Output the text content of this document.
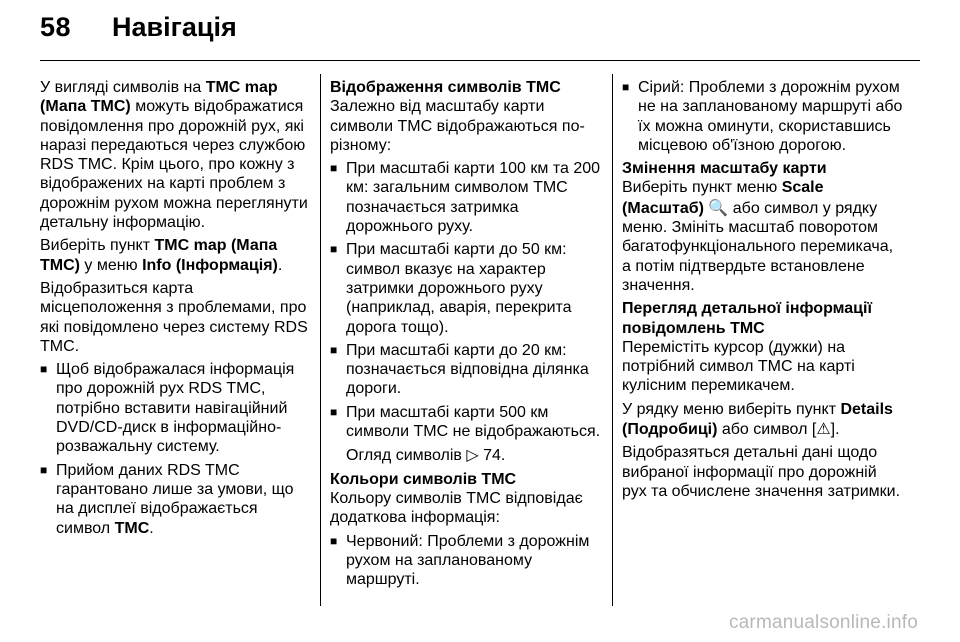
58 Навігація

У вигляді символів на TMC map (Мапа TMC) можуть відображатися повідомлення про дорожній рух, які наразі передаються через службою RDS TMC. Крім цього, про кожну з відображених на карті проблем з дорожнім рухом можна переглянути детальну інформацію.

Виберіть пункт TMC map (Мапа TMC) у меню Info (Інформація).

Відобразиться карта місцеположення з проблемами, про які повідомлено через систему RDS TMC.

■ Щоб відображалася інформація про дорожній рух RDS TMC, потрібно вставити навігаційний DVD/CD-диск в інформаційно-розважальну систему.
■ Прийом даних RDS TMC гарантовано лише за умови, що на дисплеї відображається символ TMC.

Відображення символів TMC

Залежно від масштабу карти символи TMC відображаються по-різному:

■ При масштабі карти 100 км та 200 км: загальним символом TMC позначається затримка дорожнього руху.
■ При масштабі карти до 50 км: символ вказує на характер затримки дорожнього руху (наприклад, аварія, перекрита дорога тощо).
■ При масштабі карти до 20 км: позначається відповідна ділянка дороги.
■ При масштабі карти 500 км символи TMC не відображаються.

Огляд символів ▷ 74.

Кольори символів TMC

Кольору символів TMC відповідає додаткова інформація:

■ Червоний: Проблеми з дорожнім рухом на запланованому маршруті.
■ Сірий: Проблеми з дорожнім рухом не на запланованому маршруті або їх можна оминути, скориставшись місцевою об'їзною дорогою.

Змінення масштабу карти

Виберіть пункт меню Scale (Масштаб) 🔍 або символ у рядку меню. Змініть масштаб поворотом багатофункціонального перемикача, а потім підтвердьте встановлене значення.

Перегляд детальної інформації повідомлень TMC

Перемістіть курсор (дужки) на потрібний символ TMC на карті кулісним перемикачем.

У рядку меню виберіть пункт Details (Подробиці) або символ [⚠].

Відобразяться детальні дані щодо вибраної інформації про дорожній рух та обчислене значення затримки.

carmanualsonline.info
